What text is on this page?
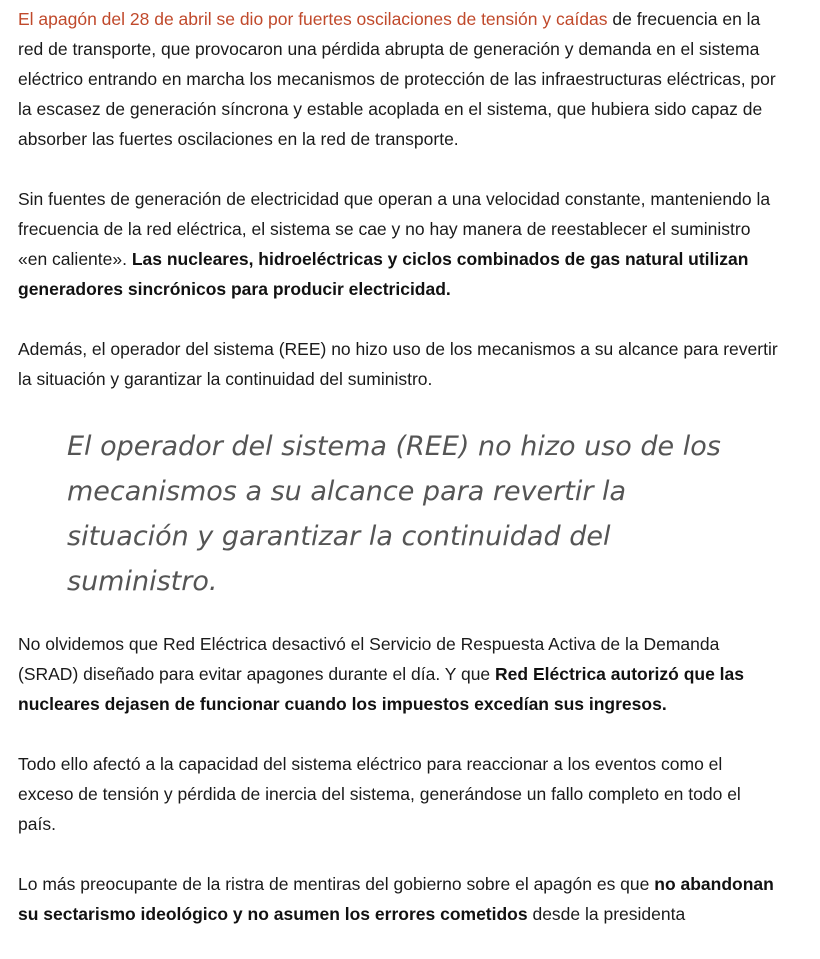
El apagón del 28 de abril se dio por fuertes oscilaciones de tensión y caídas de frecuencia en la red de transporte, que provocaron una pérdida abrupta de generación y demanda en el sistema eléctrico entrando en marcha los mecanismos de protección de las infraestructuras eléctricas, por la escasez de generación síncrona y estable acoplada en el sistema, que hubiera sido capaz de absorber las fuertes oscilaciones en la red de transporte.

Sin fuentes de generación de electricidad que operan a una velocidad constante, manteniendo la frecuencia de la red eléctrica, el sistema se cae y no hay manera de reestablecer el suministro «en caliente». Las nucleares, hidroeléctricas y ciclos combinados de gas natural utilizan generadores sincrónicos para producir electricidad.

Además, el operador del sistema (REE) no hizo uso de los mecanismos a su alcance para revertir la situación y garantizar la continuidad del suministro.

El operador del sistema (REE) no hizo uso de los mecanismos a su alcance para revertir la situación y garantizar la continuidad del suministro.

No olvidemos que Red Eléctrica desactivó el Servicio de Respuesta Activa de la Demanda (SRAD) diseñado para evitar apagones durante el día. Y que Red Eléctrica autorizó que las nucleares dejasen de funcionar cuando los impuestos excedían sus ingresos.

Todo ello afectó a la capacidad del sistema eléctrico para reaccionar a los eventos como el exceso de tensión y pérdida de inercia del sistema, generándose un fallo completo en todo el país.

Lo más preocupante de la ristra de mentiras del gobierno sobre el apagón es que no abandonan su sectarismo ideológico y no asumen los errores cometidos desde la presidenta
